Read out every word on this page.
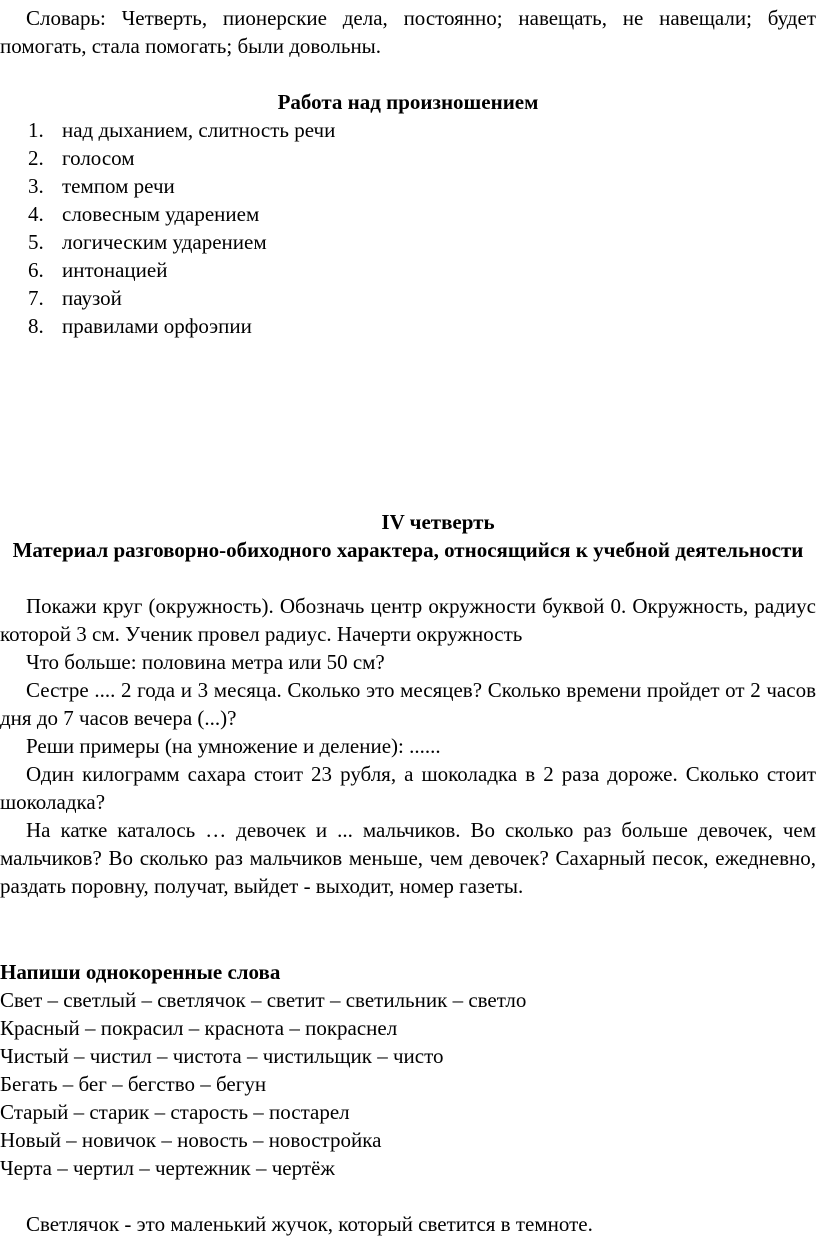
Словарь: Четверть, пионерские дела, постоянно; навещать, не навещали; будет помогать, стала помогать; были довольны.

Работа над произношением

1. над дыханием, слитность речи
2. голосом
3. темпом речи
4. словесным ударением
5. логическим ударением
6. интонацией
7. паузой
8. правилами орфоэпии

IV четверть

Материал разговорно-обиходного характера, относящийся к учебной деятельности

Покажи круг (окружность). Обозначь центр окружности буквой 0. Окружность, радиус которой 3 см. Ученик провел радиус. Начерти окружность

Что больше: половина метра или 50 см?

Сестре .... 2 года и 3 месяца. Сколько это месяцев? Сколько времени пройдет от 2 часов дня до 7 часов вечера (...)?

Реши примеры (на умножение и деление): ......

Один килограмм сахара стоит 23 рубля, а шоколадка в 2 раза дороже. Сколько стоит шоколадка?

На катке каталось … девочек и ... мальчиков. Во сколько раз больше девочек, чем мальчиков? Во сколько раз мальчиков меньше, чем девочек? Сахарный песок, ежедневно, раздать поровну, получат, выйдет - выходит, номер газеты.

Напиши однокоренные слова

Свет – светлый – светлячок – светит – светильник – светло

Красный – покрасил – краснота – покраснел

Чистый – чистил – чистота – чистильщик – чисто

Бегать – бег – бегство – бегун

Старый – старик – старость – постарел

Новый – новичок – новость – новостройка

Черта – чертил – чертежник – чертёж

Светлячок - это маленький жучок, который светится в темноте.
